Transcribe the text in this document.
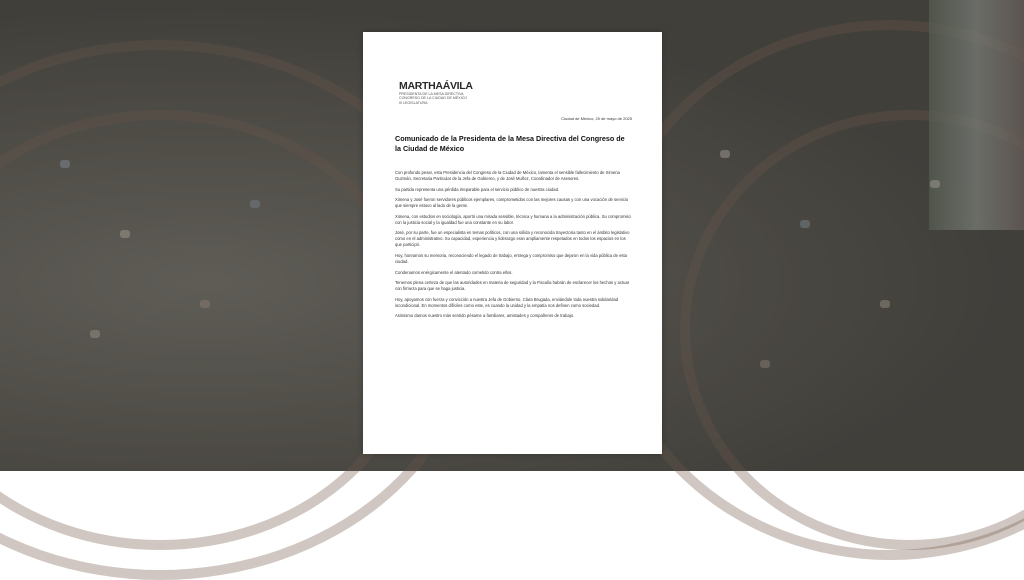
MARTHAÁVILA
PRESIDENTA DE LA MESA DIRECTIVA
CONGRESO DE LA CIUDAD DE MÉXICO
III LEGISLATURA
Ciudad de México, 20 de mayo de 2025
Comunicado de la Presidenta de la Mesa Directiva del Congreso de la Ciudad de México

Con profundo pesar, esta Presidencia del Congreso de la Ciudad de México, lamenta el sensible fallecimiento de Ximena Guzmán, Secretaria Particular de la Jefa de Gobierno, y de José Muñoz, Coordinador de Asesores.

Su partida representa una pérdida irreparable para el servicio público de nuestra ciudad.

Ximena y José fueron servidores públicos ejemplares, comprometidos con las mejores causas y con una vocación de servicio que siempre estuvo al lado de la gente.

Ximena, con estudios en sociología, aportó una mirada sensible, técnica y humana a la administración pública. Su compromiso con la justicia social y la igualdad fue una constante en su labor.

José, por su parte, fue un especialista en temas políticos, con una sólida y reconocida trayectoria tanto en el ámbito legislativo como en el administrativo. Su capacidad, experiencia y liderazgo eran ampliamente respetados en todos los espacios en los que participó.

Hoy, honramos su memoria, reconociendo el legado de trabajo, entrega y compromiso que dejaron en la vida pública de esta ciudad.

Condenamos enérgicamente el atentado cometido contra ellos.

Tenemos plena certeza de que las autoridades en materia de seguridad y la Fiscalía habrán de esclarecer los hechos y actuar con firmeza para que se haga justicia.

Hoy, apoyamos con fuerza y convicción a nuestra Jefa de Gobierno, Clara Brugada, enviándole toda nuestra solidaridad incondicional. En momentos difíciles como este, es cuando la unidad y la empatía nos definen como sociedad.

Asimismo damos nuestro más sentido pésame a familiares, amistades y compañeros de trabajo.
